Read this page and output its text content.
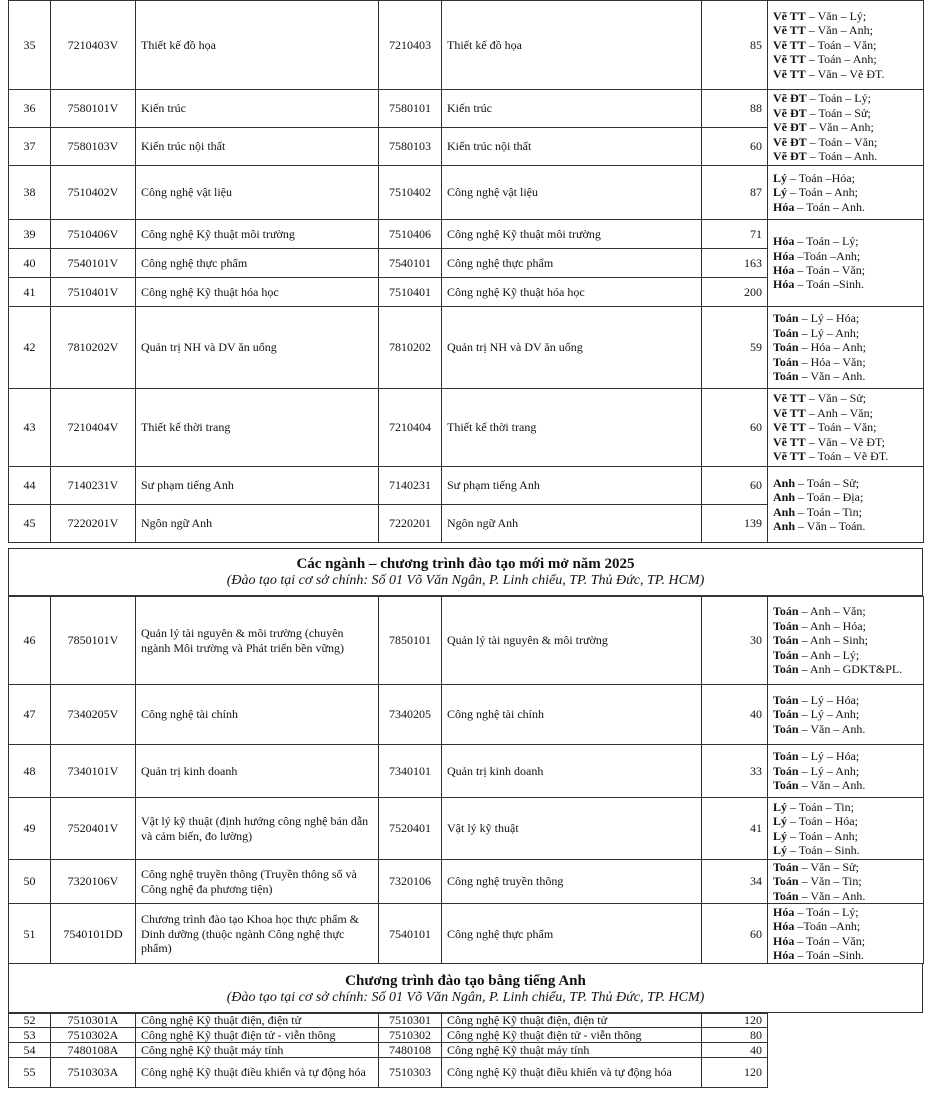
35	7210403V	Thiết kế đồ họa	7210403	Thiết kế đồ họa	85	Vẽ TT – Văn – Lý;
Vẽ TT – Văn – Anh;
Vẽ TT – Toán – Văn;
Vẽ TT – Toán – Anh;
Vẽ TT – Văn – Vẽ ĐT.

36	7580101V	Kiến trúc	7580101	Kiến trúc	88	Vẽ ĐT – Toán – Lý;
Vẽ ĐT – Toán – Sử;
Vẽ ĐT – Văn – Anh;
Vẽ ĐT – Toán – Văn;
Vẽ ĐT – Toán – Anh.

37	7580103V	Kiến trúc nội thất	7580103	Kiến trúc nội thất	60	
38	7510402V	Công nghệ vật liệu	7510402	Công nghệ vật liệu	87	Lý – Toán –Hóa;
Lý – Toán – Anh;
Hóa – Toán – Anh.

39	7510406V	Công nghệ Kỹ thuật môi trường	7510406	Công nghệ Kỹ thuật môi trường	71	Hóa – Toán – Lý;
Hóa –Toán –Anh;
Hóa – Toán – Văn;
Hóa – Toán –Sinh.

40	7540101V	Công nghệ thực phẩm	7540101	Công nghệ thực phẩm	163	
41	7510401V	Công nghệ Kỹ thuật hóa học	7510401	Công nghệ Kỹ thuật hóa học	200	
42	7810202V	Quản trị NH và DV ăn uống	7810202	Quản trị NH và DV ăn uống	59	Toán – Lý – Hóa;
Toán – Lý – Anh;
Toán – Hóa – Anh;
Toán – Hóa – Văn;
Toán – Văn – Anh.

43	7210404V	Thiết kế thời trang	7210404	Thiết kế thời trang	60	Vẽ TT – Văn – Sử;
Vẽ TT – Anh – Văn;
Vẽ TT – Toán – Văn;
Vẽ TT – Văn – Vẽ ĐT;
Vẽ TT – Toán – Vẽ ĐT.

44	7140231V	Sư phạm tiếng Anh	7140231	Sư phạm tiếng Anh	60	Anh – Toán – Sử;
Anh – Toán – Địa;
Anh – Toán – Tin;
Anh – Văn – Toán.

45	7220201V	Ngôn ngữ Anh	7220201	Ngôn ngữ Anh	139	
Các ngành – chương trình đào tạo mới mở năm 2025
(Đào tạo tại cơ sở chính: Số 01 Võ Văn Ngân, P. Linh chiểu, TP. Thủ Đức, TP. HCM)
46	7850101V	Quản lý tài nguyên & môi trường (chuyên ngành Môi trường và Phát triển bền vững)	7850101	Quản lý tài nguyên & môi trường	30	Toán – Anh – Văn;
Toán – Anh – Hóa;
Toán – Anh – Sinh;
Toán – Anh – Lý;
Toán – Anh – GDKT&PL.

47	7340205V	Công nghệ tài chính	7340205	Công nghệ tài chính	40	Toán – Lý – Hóa;
Toán – Lý – Anh;
Toán – Văn – Anh.

48	7340101V	Quản trị kinh doanh	7340101	Quản trị kinh doanh	33	Toán – Lý – Hóa;
Toán – Lý – Anh;
Toán – Văn – Anh.

49	7520401V	Vật lý kỹ thuật (định hướng công nghệ bán dẫn và cảm biến, đo lường)	7520401	Vật lý kỹ thuật	41	Lý – Toán – Tin;
Lý – Toán – Hóa;
Lý – Toán – Anh;
Lý – Toán – Sinh.

50	7320106V	Công nghệ truyền thông (Truyền thông số và Công nghệ đa phương tiện)	7320106	Công nghệ truyền thông	34	Toán – Văn – Sử;
Toán – Văn – Tin;
Toán – Văn – Anh.

51	7540101DD	Chương trình đào tạo Khoa học thực phẩm & Dinh dưỡng (thuộc ngành Công nghệ thực phẩm)	7540101	Công nghệ thực phẩm	60	Hóa – Toán – Lý;
Hóa –Toán –Anh;
Hóa – Toán – Văn;
Hóa – Toán –Sinh.
Chương trình đào tạo bằng tiếng Anh
(Đào tạo tại cơ sở chính: Số 01 Võ Văn Ngân, P. Linh chiểu, TP. Thủ Đức, TP. HCM)
52	7510301A	Công nghệ Kỹ thuật điện, điện tử	7510301	Công nghệ Kỹ thuật điện, điện tử	120	
53	7510302A	Công nghệ Kỹ thuật điện tử - viễn thông	7510302	Công nghệ Kỹ thuật điện tử - viễn thông	80	
54	7480108A	Công nghệ Kỹ thuật máy tính	7480108	Công nghệ Kỹ thuật máy tính	40	
55	7510303A	Công nghệ Kỹ thuật điều khiển và tự động hóa	7510303	Công nghệ Kỹ thuật điều khiển và tự động hóa	120	
